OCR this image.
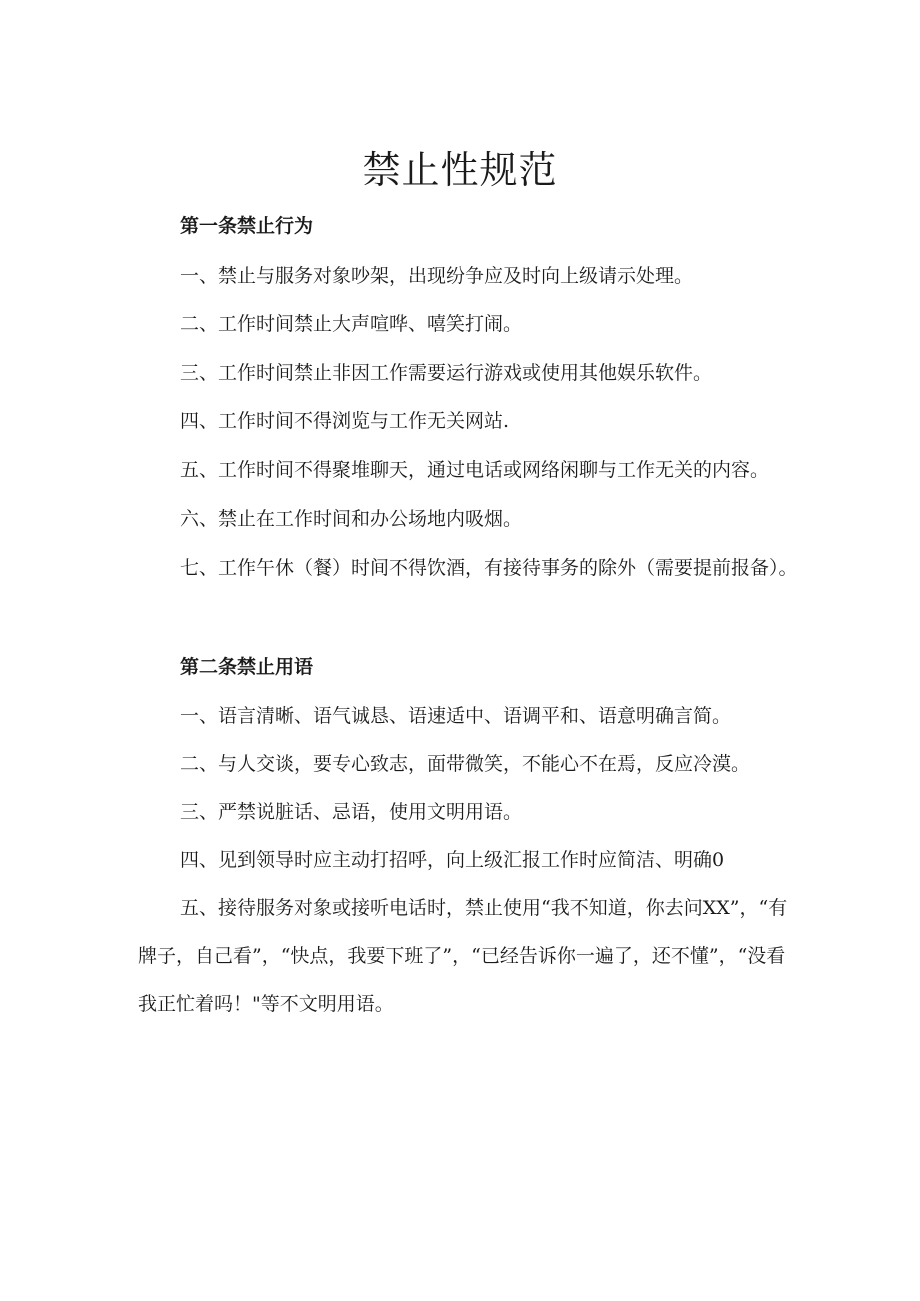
禁止性规范
第一条禁止行为

一、禁止与服务对象吵架，出现纷争应及时向上级请示处理。

二、工作时间禁止大声喧哗、嘻笑打闹。

三、工作时间禁止非因工作需要运行游戏或使用其他娱乐软件。

四、工作时间不得浏览与工作无关网站.

五、工作时间不得聚堆聊天，通过电话或网络闲聊与工作无关的内容。

六、禁止在工作时间和办公场地内吸烟。

七、工作午休（餐）时间不得饮酒，有接待事务的除外（需要提前报备）。

第二条禁止用语

一、语言清晰、语气诚恳、语速适中、语调平和、语意明确言简。

二、与人交谈，要专心致志，面带微笑，不能心不在焉，反应冷漠。

三、严禁说脏话、忌语，使用文明用语。

四、见到领导时应主动打招呼，向上级汇报工作时应简洁、明确0

五、接待服务对象或接听电话时，禁止使用“我不知道，你去问XX”，“有牌子，自己看”，“快点，我要下班了”，“已经告诉你一遍了，还不懂”，“没看我正忙着吗！"等不文明用语。
